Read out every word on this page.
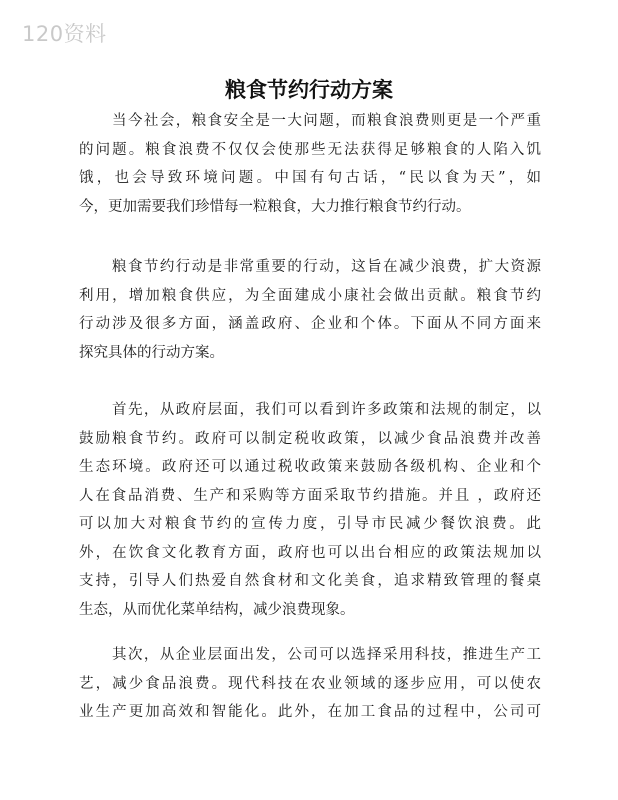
120资料
粮食节约行动方案
当今社会，粮食安全是一大问题，而粮食浪费则更是一个严重
的问题。粮食浪费不仅仅会使那些无法获得足够粮食的人陷入饥
饿，也会导致环境问题。中国有句古话，“民以食为天”，如
今，更加需要我们珍惜每一粒粮食，大力推行粮食节约行动。
粮食节约行动是非常重要的行动，这旨在减少浪费，扩大资源
利用，增加粮食供应，为全面建成小康社会做出贡献。粮食节约
行动涉及很多方面，涵盖政府、企业和个体。下面从不同方面来
探究具体的行动方案。
首先，从政府层面，我们可以看到许多政策和法规的制定，以
鼓励粮食节约。政府可以制定税收政策，以减少食品浪费并改善
生态环境。政府还可以通过税收政策来鼓励各级机构、企业和个
人在食品消费、生产和采购等方面采取节约措施。并且 ，政府还
可以加大对粮食节约的宣传力度，引导市民减少餐饮浪费。此
外，在饮食文化教育方面，政府也可以出台相应的政策法规加以
支持，引导人们热爱自然食材和文化美食，追求精致管理的餐桌
生态，从而优化菜单结构，减少浪费现象。
其次，从企业层面出发，公司可以选择采用科技，推进生产工
艺，减少食品浪费。现代科技在农业领域的逐步应用，可以使农
业生产更加高效和智能化。此外，在加工食品的过程中，公司可
